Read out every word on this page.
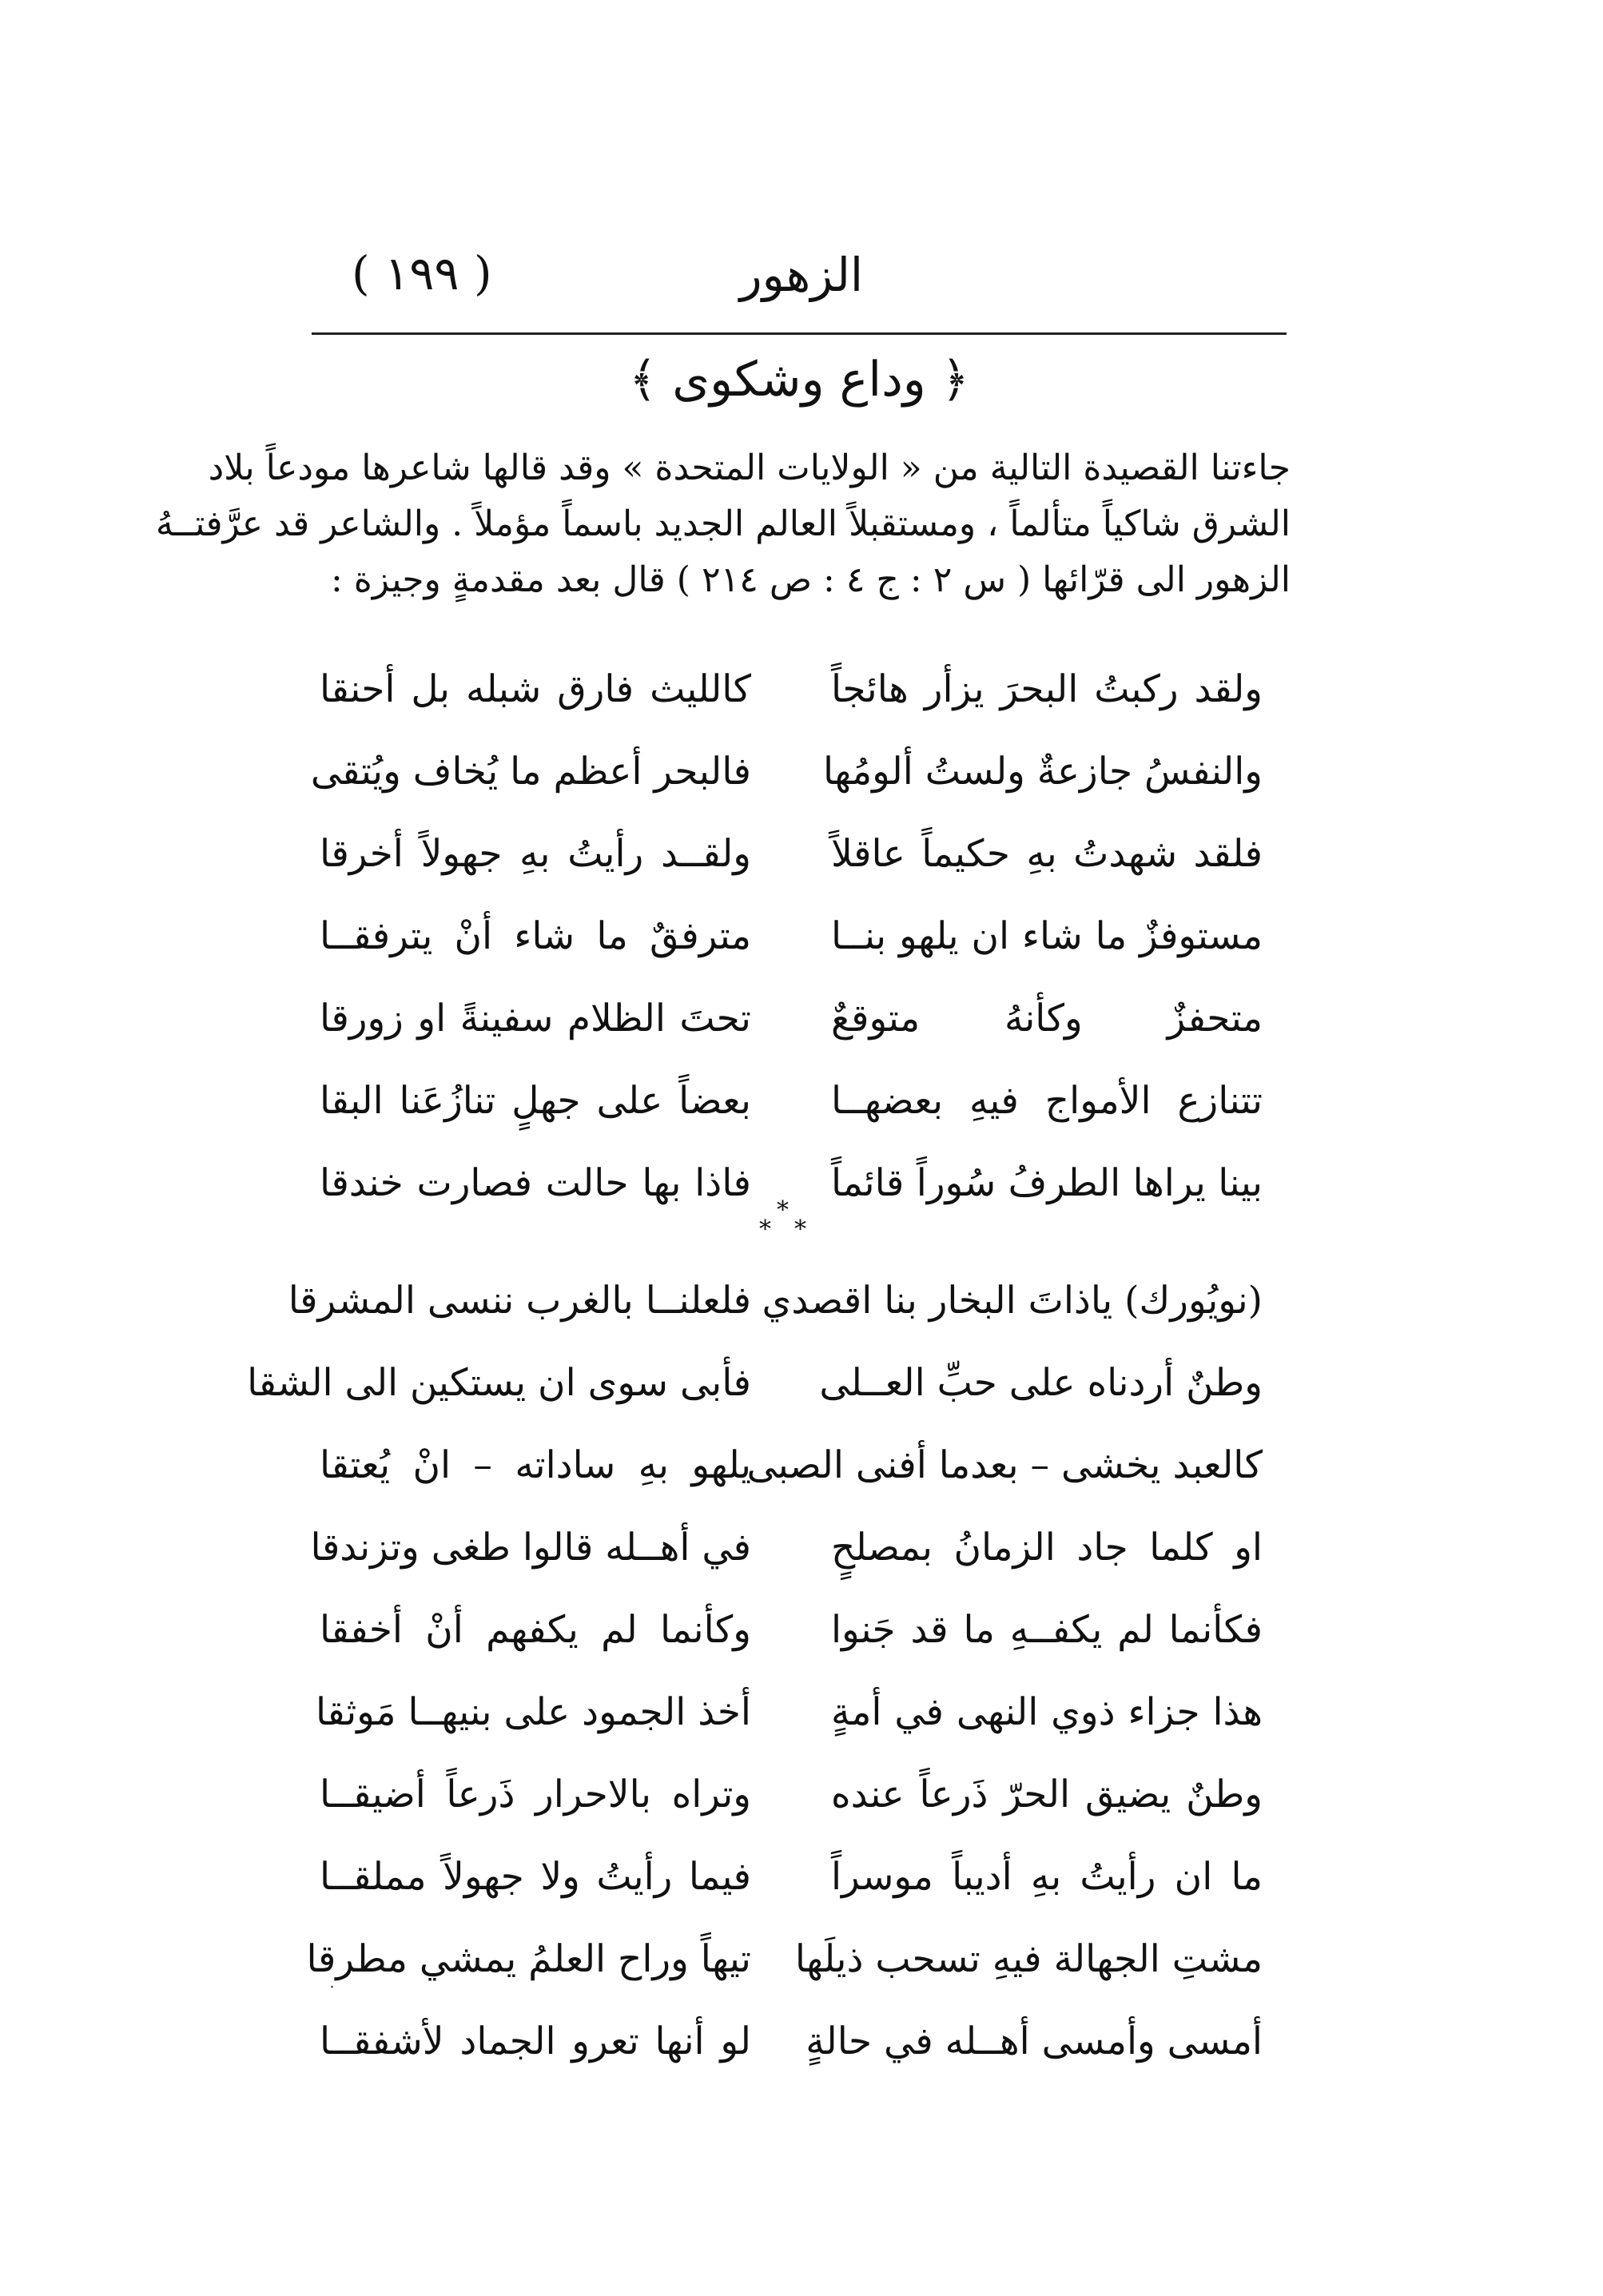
الزهور
( ١٩٩ )
﴿ وداع وشكوى ﴾
جاءتنا القصيدة التالية من « الولايات المتحدة » وقد قالها شاعرها مودعاً بلاد
الشرق شاكياً متألماً ، ومستقبلاً العالم الجديد باسماً مؤملاً . والشاعر قد عرَّفتــهُ
الزهور الى قرّائها ( س ٢ : ج ٤ : ص ٢١٤ ) قال بعد مقدمةٍ وجيزة :
ولقد ركبتُ البحرَ يزأر هائجاً
كالليث فارق شبله بل أحنقا
والنفسُ جازعةٌ ولستُ ألومُها
فالبحر أعظم ما يُخاف ويُتقى
فلقد شهدتُ بهِ حكيماً عاقلاً
ولقــد رأيتُ بهِ جهولاً أخرقا
مستوفزٌ ما شاء ان يلهو بنــا
مترفقٌ ما شاء أنْ يترفقــا
متحفزٌ وكأنهُ متوقعٌ
تحتَ الظلام سفينةً او زورقا
تتنازع الأمواج فيهِ بعضهــا
بعضاً على جهلٍ تنازُعَنا البقا
بينا يراها الطرفُ سُوراً قائماً
فاذا بها حالت فصارت خندقا
*
* *
(نويُورك) ياذاتَ البخار بنا اقصدي
فلعلنــا بالغرب ننسى المشرقا
وطنٌ أردناه على حبِّ العــلى
فأبى سوى ان يستكين الى الشقا
كالعبد يخشى – بعدما أفنى الصبى
يلهو بهِ ساداته – انْ يُعتقا
او كلما جاد الزمانُ بمصلحٍ
في أهــله قالوا طغى وتزندقا
فكأنما لم يكفــهِ ما قد جَنوا
وكأنما لم يكفهم أنْ أخفقا
هذا جزاء ذوي النهى في أمةٍ
أخذ الجمود على بنيهــا مَوثقا
وطنٌ يضيق الحرّ ذَرعاً عنده
وتراه بالاحرار ذَرعاً أضيقــا
ما ان رأيتُ بهِ أديباً موسراً
فيما رأيتُ ولا جهولاً مملقــا
مشتِ الجهالة فيهِ تسحب ذيلَها
تيهاً وراح العلمُ يمشي مطرقا
أمسى وأمسى أهــله في حالةٍ
لو أنها تعرو الجماد لأشفقــا
·
